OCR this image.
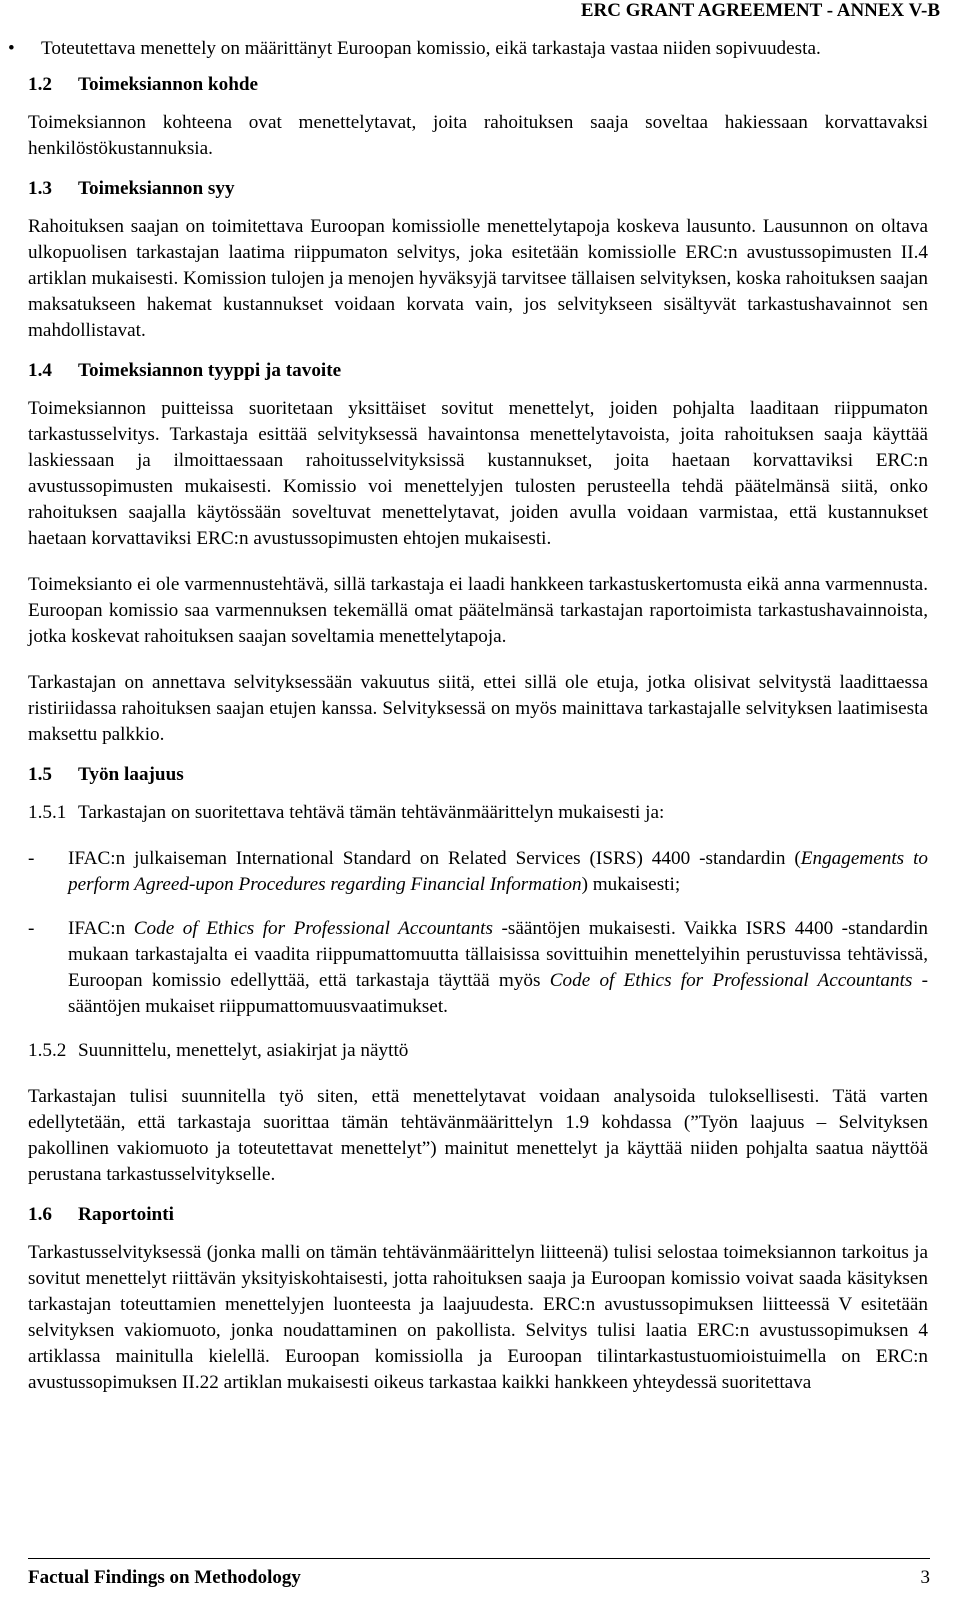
ERC GRANT AGREEMENT - ANNEX V-B

• Toteutettava menettely on määrittänyt Euroopan komissio, eikä tarkastaja vastaa niiden sopivuudesta.

1.2 Toimeksiannon kohde

Toimeksiannon kohteena ovat menettelytavat, joita rahoituksen saaja soveltaa hakiessaan korvattavaksi henkilöstökustannuksia.

1.3 Toimeksiannon syy

Rahoituksen saajan on toimitettava Euroopan komissiolle menettelytapoja koskeva lausunto. Lausunnon on oltava ulkopuolisen tarkastajan laatima riippumaton selvitys, joka esitetään komissiolle ERC:n avustussopimusten II.4 artiklan mukaisesti. Komission tulojen ja menojen hyväksyjä tarvitsee tällaisen selvityksen, koska rahoituksen saajan maksatukseen hakemat kustannukset voidaan korvata vain, jos selvitykseen sisältyvät tarkastushavainnot sen mahdollistavat.

1.4 Toimeksiannon tyyppi ja tavoite

Toimeksiannon puitteissa suoritetaan yksittäiset sovitut menettelyt, joiden pohjalta laaditaan riippumaton tarkastusselvitys. Tarkastaja esittää selvityksessä havaintonsa menettelytavoista, joita rahoituksen saaja käyttää laskiessaan ja ilmoittaessaan rahoitusselvityksissä kustannukset, joita haetaan korvattaviksi ERC:n avustussopimusten mukaisesti. Komissio voi menettelyjen tulosten perusteella tehdä päätelmänsä siitä, onko rahoituksen saajalla käytössään soveltuvat menettelytavat, joiden avulla voidaan varmistaa, että kustannukset haetaan korvattaviksi ERC:n avustussopimusten ehtojen mukaisesti.

Toimeksianto ei ole varmennustehtävä, sillä tarkastaja ei laadi hankkeen tarkastuskertomusta eikä anna varmennusta. Euroopan komissio saa varmennuksen tekemällä omat päätelmänsä tarkastajan raportoimista tarkastushavainnoista, jotka koskevat rahoituksen saajan soveltamia menettelytapoja.

Tarkastajan on annettava selvityksessään vakuutus siitä, ettei sillä ole etuja, jotka olisivat selvitystä laadittaessa ristiriidassa rahoituksen saajan etujen kanssa. Selvityksessä on myös mainittava tarkastajalle selvityksen laatimisesta maksettu palkkio.

1.5 Työn laajuus
1.5.1 Tarkastajan on suoritettava tehtävä tämän tehtävänmäärittelyn mukaisesti ja:
- IFAC:n julkaiseman International Standard on Related Services (ISRS) 4400 -standardin (Engagements to perform Agreed-upon Procedures regarding Financial Information) mukaisesti;
- IFAC:n Code of Ethics for Professional Accountants -sääntöjen mukaisesti. Vaikka ISRS 4400 -standardin mukaan tarkastajalta ei vaadita riippumattomuutta tällaisissa sovittuihin menettelyihin perustuvissa tehtävissä, Euroopan komissio edellyttää, että tarkastaja täyttää myös Code of Ethics for Professional Accountants -sääntöjen mukaiset riippumattomuusvaatimukset.
1.5.2 Suunnittelu, menettelyt, asiakirjat ja näyttö

Tarkastajan tulisi suunnitella työ siten, että menettelytavat voidaan analysoida tuloksellisesti. Tätä varten edellytetään, että tarkastaja suorittaa tämän tehtävänmäärittelyn 1.9 kohdassa (”Työn laajuus – Selvityksen pakollinen vakiomuoto ja toteutettavat menettelyt”) mainitut menettelyt ja käyttää niiden pohjalta saatua näyttöä perustana tarkastusselvitykselle.

1.6 Raportointi

Tarkastusselvityksessä (jonka malli on tämän tehtävänmäärittelyn liitteenä) tulisi selostaa toimeksiannon tarkoitus ja sovitut menettelyt riittävän yksityiskohtaisesti, jotta rahoituksen saaja ja Euroopan komissio voivat saada käsityksen tarkastajan toteuttamien menettelyjen luonteesta ja laajuudesta. ERC:n avustussopimuksen liitteessä V esitetään selvityksen vakiomuoto, jonka noudattaminen on pakollista. Selvitys tulisi laatia ERC:n avustussopimuksen 4 artiklassa mainitulla kielellä. Euroopan komissiolla ja Euroopan tilintarkastustuomioistuimella on ERC:n avustussopimuksen II.22 artiklan mukaisesti oikeus tarkastaa kaikki hankkeen yhteydessä suoritettava

Factual Findings on Methodology	3
